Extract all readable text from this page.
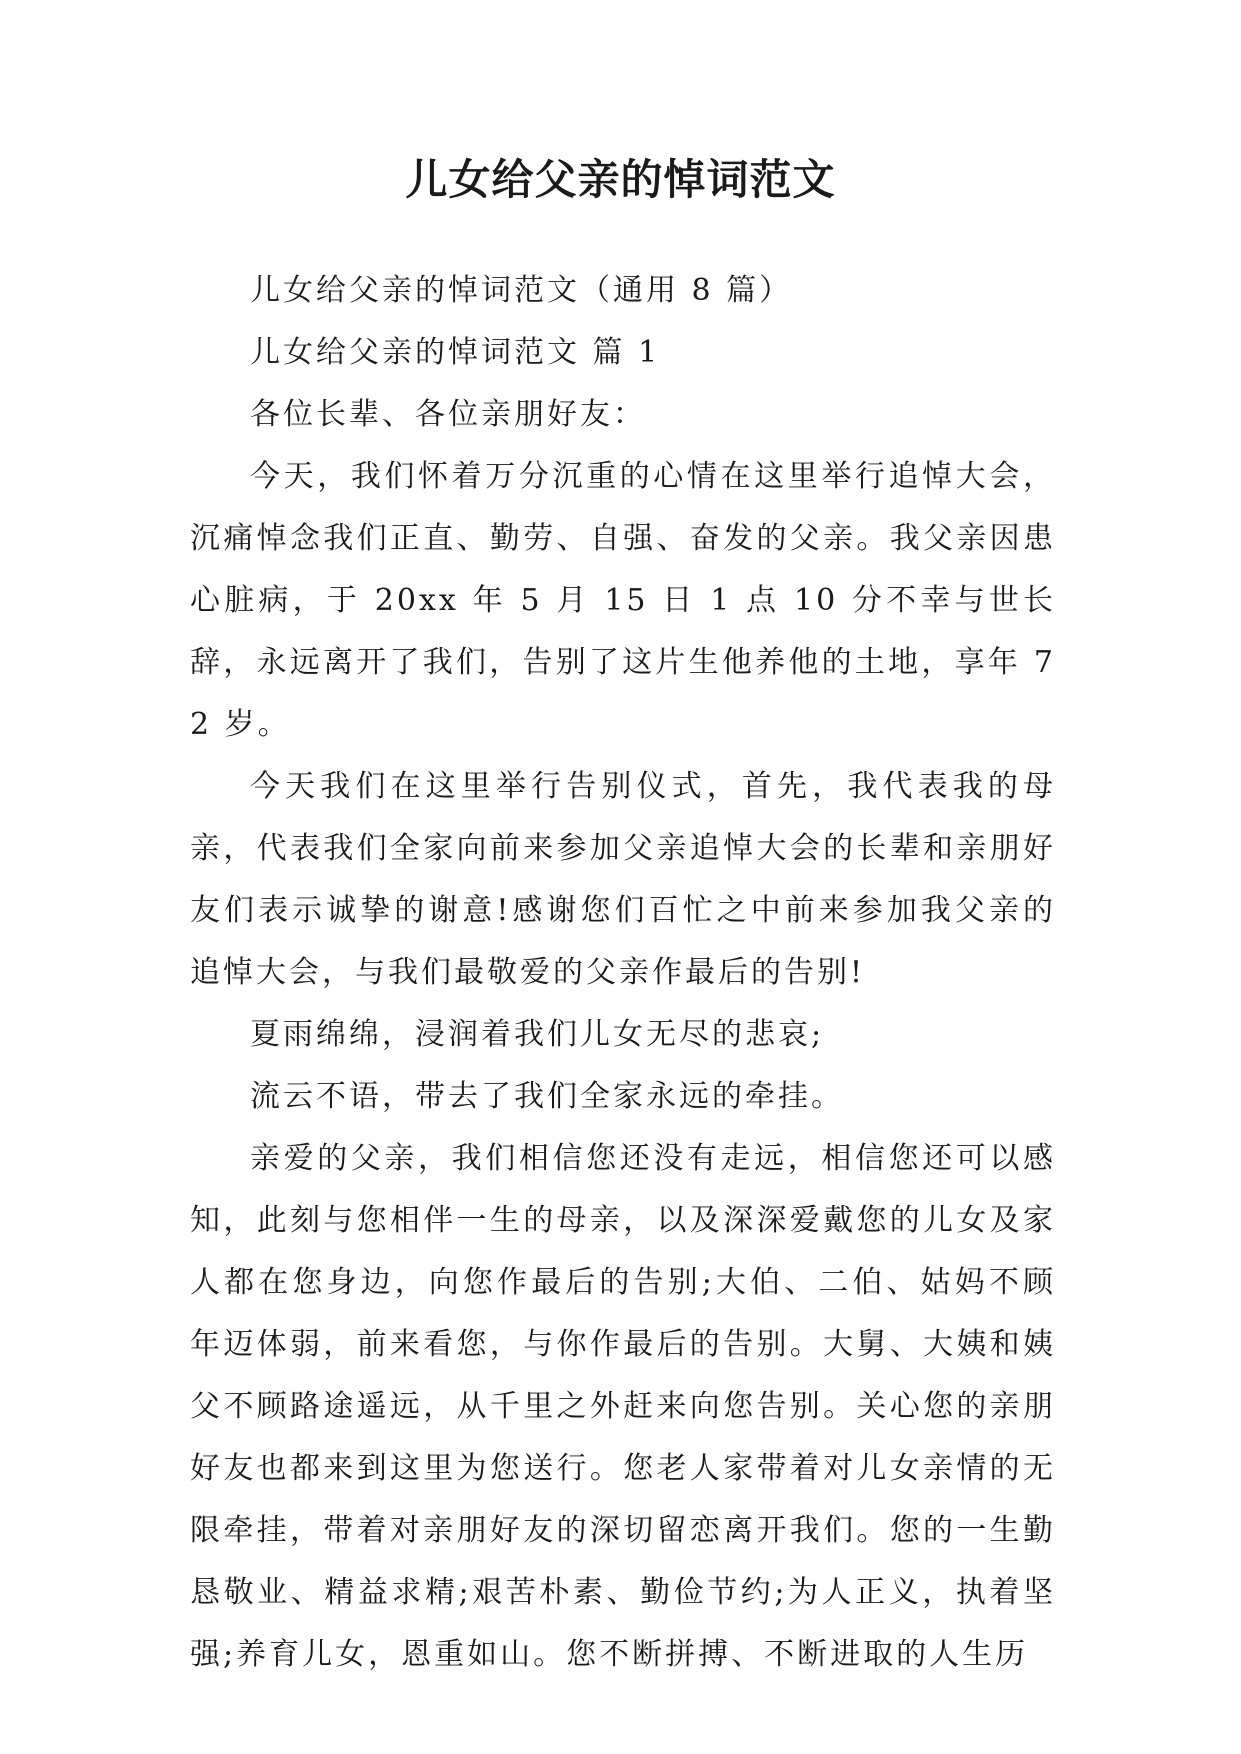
儿女给父亲的悼词范文

儿女给父亲的悼词范文（通用 8 篇）

儿女给父亲的悼词范文 篇 1

各位长辈、各位亲朋好友：

今天，我们怀着万分沉重的心情在这里举行追悼大会，沉痛悼念我们正直、勤劳、自强、奋发的父亲。我父亲因患心脏病，于 20xx 年 5 月 15 日 1 点 10 分不幸与世长辞，永远离开了我们，告别了这片生他养他的土地，享年 72 岁。

今天我们在这里举行告别仪式，首先，我代表我的母亲，代表我们全家向前来参加父亲追悼大会的长辈和亲朋好友们表示诚挚的谢意!感谢您们百忙之中前来参加我父亲的追悼大会，与我们最敬爱的父亲作最后的告别!

夏雨绵绵，浸润着我们儿女无尽的悲哀;

流云不语，带去了我们全家永远的牵挂。

亲爱的父亲，我们相信您还没有走远，相信您还可以感知，此刻与您相伴一生的母亲，以及深深爱戴您的儿女及家人都在您身边，向您作最后的告别;大伯、二伯、姑妈不顾年迈体弱，前来看您，与你作最后的告别。大舅、大姨和姨父不顾路途遥远，从千里之外赶来向您告别。关心您的亲朋好友也都来到这里为您送行。您老人家带着对儿女亲情的无限牵挂，带着对亲朋好友的深切留恋离开我们。您的一生勤恳敬业、精益求精;艰苦朴素、勤俭节约;为人正义，执着坚强;养育儿女，恩重如山。您不断拼搏、不断进取的人生历
